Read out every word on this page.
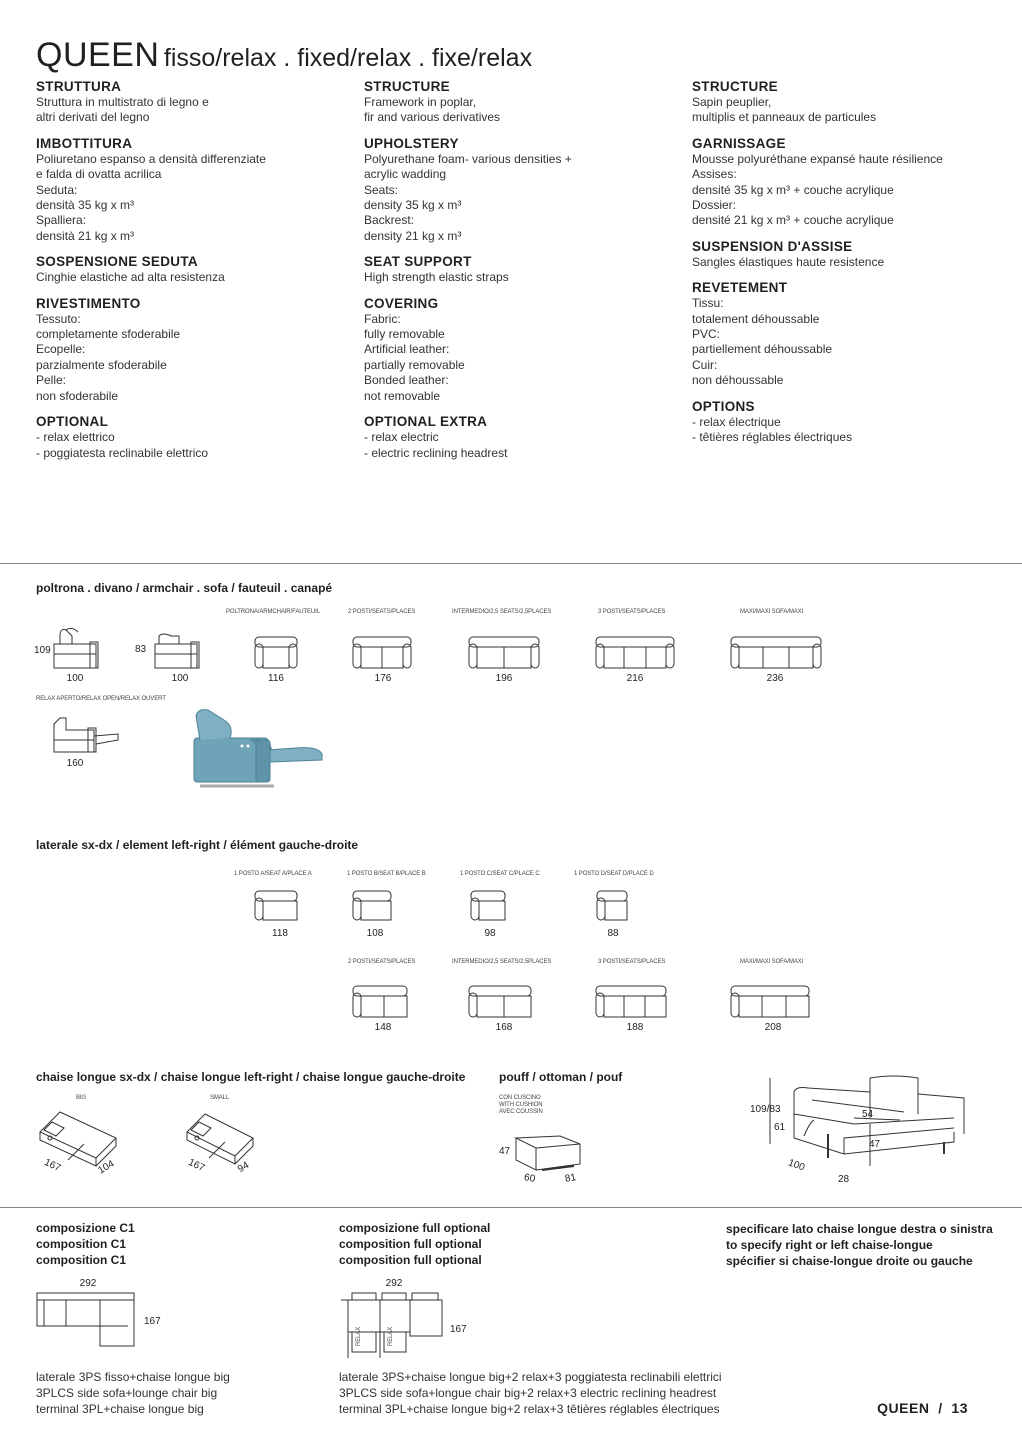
QUEEN fisso/relax . fixed/relax . fixe/relax
STRUTTURA
Struttura in multistrato di legno e
altri derivati del legno
IMBOTTITURA
Poliuretano espanso a densità differenziate
e falda di ovatta acrilica
Seduta:
densità 35 kg x m³
Spalliera:
densità 21 kg x m³
SOSPENSIONE SEDUTA
Cinghie elastiche ad alta resistenza
RIVESTIMENTO
Tessuto:
completamente sfoderabile
Ecopelle:
parzialmente sfoderabile
Pelle:
non sfoderabile
OPTIONAL
- relax elettrico
- poggiatesta reclinabile elettrico
STRUCTURE
Framework in poplar,
fir and various derivatives
UPHOLSTERY
Polyurethane foam- various densities +
acrylic wadding
Seats:
density 35 kg x m³
Backrest:
density 21 kg x m³
SEAT SUPPORT
High strength elastic straps
COVERING
Fabric:
fully removable
Artificial leather:
partially removable
Bonded leather:
not removable
OPTIONAL EXTRA
- relax electric
- electric reclining headrest
STRUCTURE
Sapin peuplier,
multiplis et panneaux de particules
GARNISSAGE
Mousse polyuréthane expansé haute résilience
Assises:
densité 35 kg x m³ + couche acrylique
Dossier:
densité 21 kg x m³ + couche acrylique
SUSPENSION D'ASSISE
Sangles élastiques haute resistence
REVETEMENT
Tissu:
totalement déhoussable
PVC:
partiellement déhoussable
Cuir:
non déhoussable
OPTIONS
- relax électrique
- têtières réglables électriques
poltrona . divano / armchair . sofa / fauteuil . canapé
109
100
83
100
POLTRONA/ARMCHAIR/FAUTEUIL	2 POSTI/SEATS/PLACES	INTERMEDIO/2,5 SEATS/2,5PLACES	3 POSTI/SEATS/PLACES	MAXI/MAXI SOFA/MAXI
116	176	196	216	236
RELAX APERTO/RELAX OPEN/RELAX OUVERT
160
laterale sx-dx / element left-right / élément gauche-droite
1 POSTO A/SEAT A/PLACE A	1 POSTO B/SEAT B/PLACE B	1 POSTO C/SEAT C/PLACE C	1 POSTO D/SEAT D/PLACE D
118	108	98	88
2 POSTI/SEATS/PLACES	INTERMEDIO/2,5 SEATS/2,5PLACES	3 POSTI/SEATS/PLACES	MAXI/MAXI SOFA/MAXI
148	168	188	208
chaise longue sx-dx / chaise longue left-right / chaise longue gauche-droite
BIG	SMALL
167	104	167	94
pouff / ottoman / pouf
CON CUSCINO
WITH CUSHION
AVEC COUSSIN
47
60	81
109/83
61
54
47
100
28
composizione C1
composition C1
composition C1
292
167
laterale 3PS fisso+chaise longue big
3PLCS side sofa+lounge chair big
terminal 3PL+chaise longue big
composizione full optional
composition full optional
composition full optional
292
RELAX	RELAX	167
laterale 3PS+chaise longue big+2 relax+3 poggiatesta reclinabili elettrici
3PLCS side sofa+longue chair big+2 relax+3 electric reclining headrest
terminal 3PL+chaise longue big+2 relax+3 têtières réglables électriques
specificare lato chaise longue destra o sinistra
to specify right or left chaise-longue
spécifier si chaise-longue droite ou gauche
QUEEN  /  13
